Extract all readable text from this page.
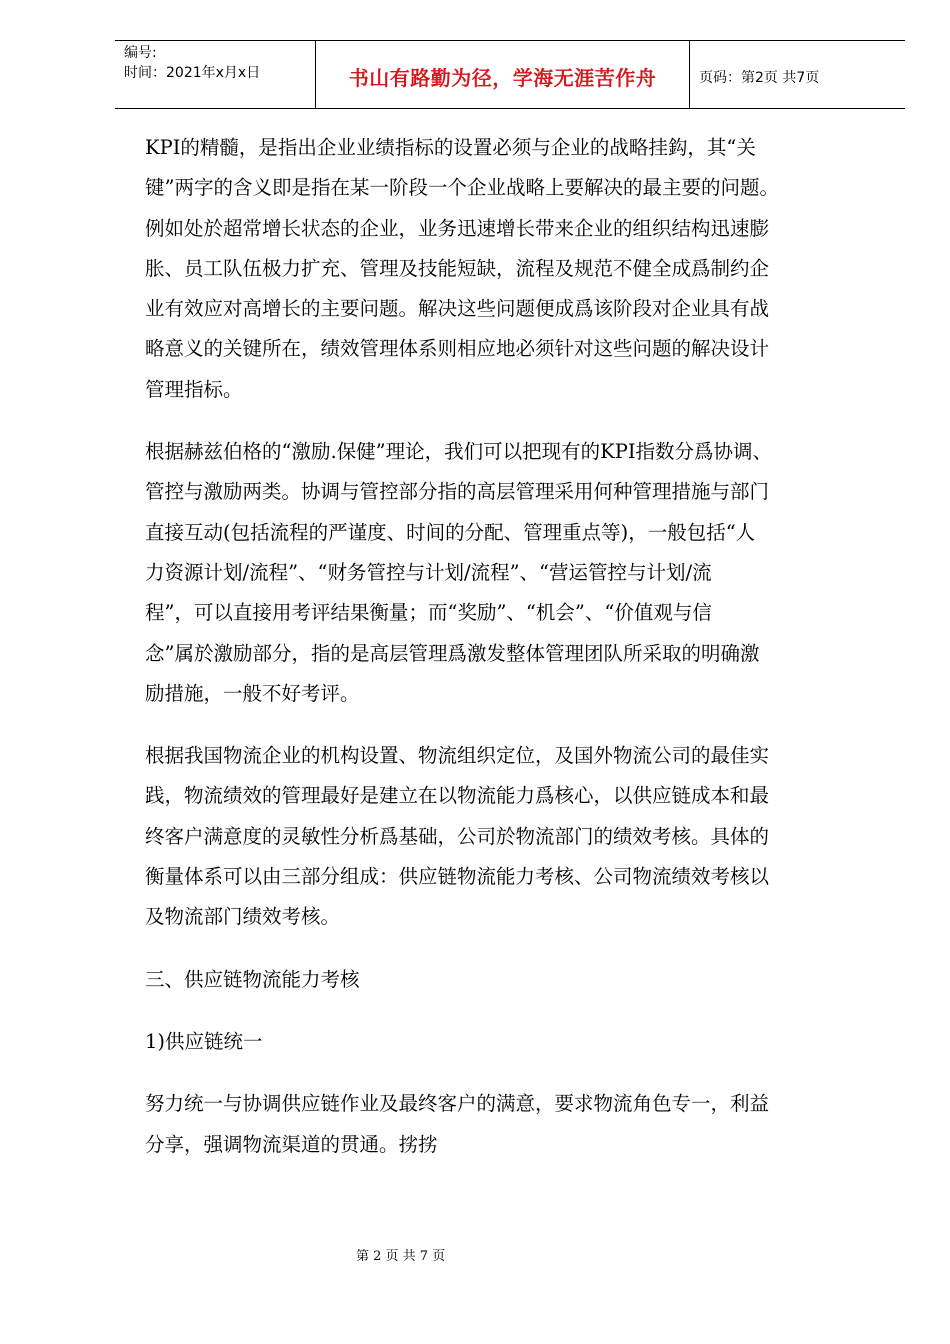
编号:
时间：2021年x月x日	书山有路勤为径，学海无涯苦作舟	页码：第2页 共7页

KPI的精髓，是指出企业业绩指标的设置必须与企业的战略挂鈎，其“关

键”两字的含义即是指在某一阶段一个企业战略上要解决的最主要的问题。

例如处於超常增长状态的企业，业务迅速增长带来企业的组织结构迅速膨

胀、员工队伍极力扩充、管理及技能短缺，流程及规范不健全成爲制约企

业有效应对高增长的主要问题。解决这些问题便成爲该阶段对企业具有战

略意义的关键所在，绩效管理体系则相应地必须针对这些问题的解决设计

管理指标。

根据赫兹伯格的“激励.保健”理论，我们可以把现有的KPI指数分爲协调、

管控与激励两类。协调与管控部分指的高层管理采用何种管理措施与部门

直接互动(包括流程的严谨度、时间的分配、管理重点等)，一般包括“人

力资源计划/流程”、“财务管控与计划/流程”、“营运管控与计划/流

程”，可以直接用考评结果衡量；而“奖励”、“机会”、“价值观与信

念”属於激励部分，指的是高层管理爲激发整体管理团队所采取的明确激

励措施，一般不好考评。

根据我国物流企业的机构设置、物流组织定位，及国外物流公司的最佳实

践，物流绩效的管理最好是建立在以物流能力爲核心，以供应链成本和最

终客户满意度的灵敏性分析爲基础，公司於物流部门的绩效考核。具体的

衡量体系可以由三部分组成：供应链物流能力考核、公司物流绩效考核以

及物流部门绩效考核。

三、供应链物流能力考核

1)供应链统一

努力统一与协调供应链作业及最终客户的满意，要求物流角色专一，利益

分享，强调物流渠道的贯通。挘挘

第 2 页 共 7 页
